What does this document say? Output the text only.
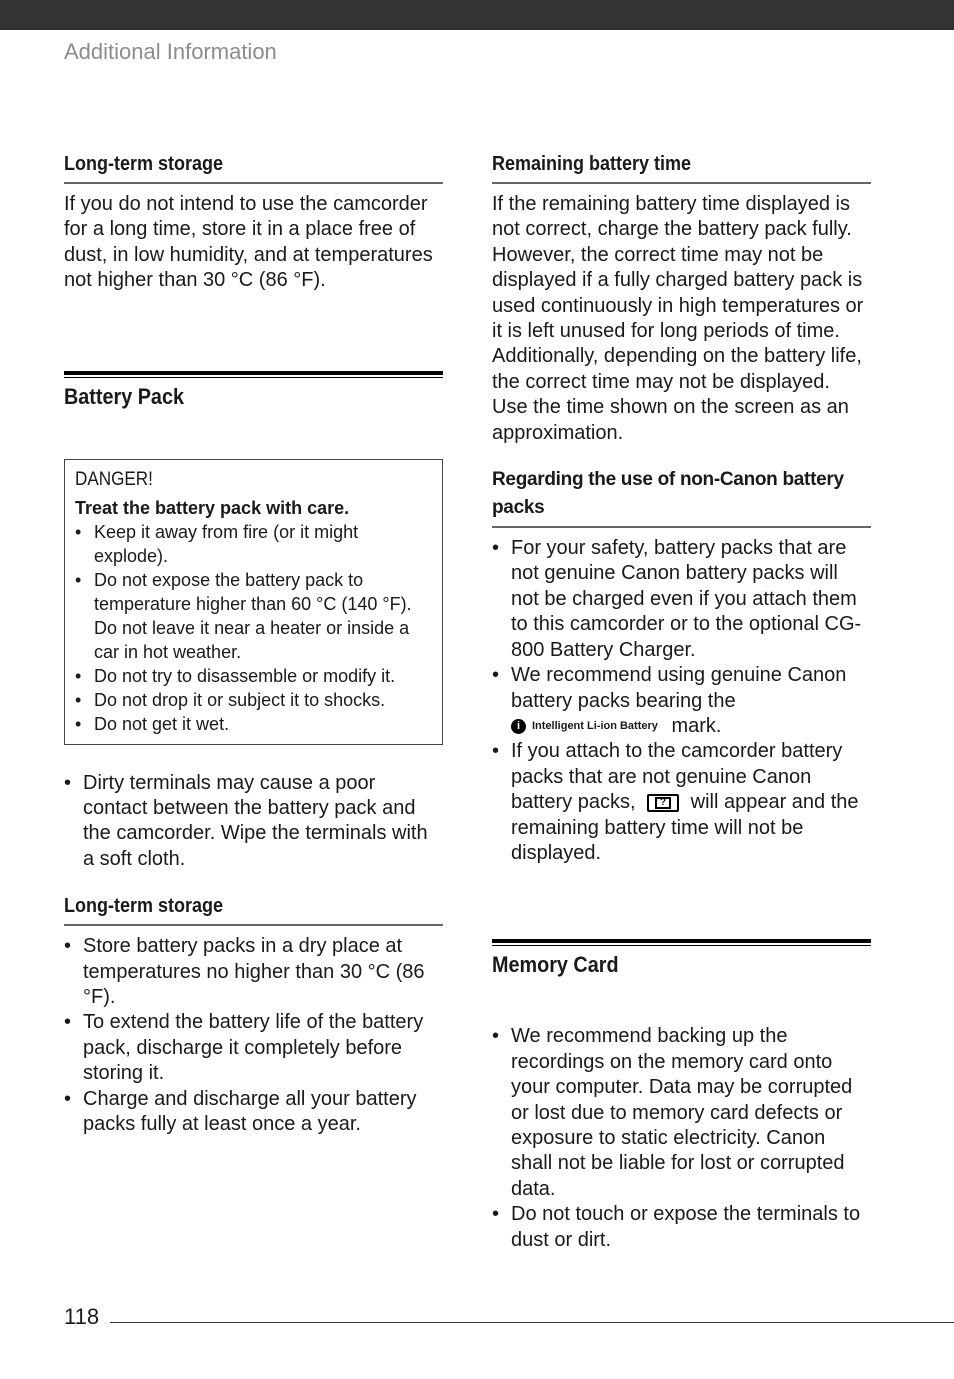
Additional Information
Long-term storage

If you do not intend to use the camcorder for a long time, store it in a place free of dust, in low humidity, and at temperatures not higher than 30 °C (86 °F).

Battery Pack
DANGER!
Treat the battery pack with care.
• Keep it away from fire (or it might explode).
• Do not expose the battery pack to temperature higher than 60 °C (140 °F). Do not leave it near a heater or inside a car in hot weather.
• Do not try to disassemble or modify it.
• Do not drop it or subject it to shocks.
• Do not get it wet.
• Dirty terminals may cause a poor contact between the battery pack and the camcorder. Wipe the terminals with a soft cloth.
Long-term storage
• Store battery packs in a dry place at temperatures no higher than 30 °C (86 °F).
• To extend the battery life of the battery pack, discharge it completely before storing it.
• Charge and discharge all your battery packs fully at least once a year.
Remaining battery time

If the remaining battery time displayed is not correct, charge the battery pack fully. However, the correct time may not be displayed if a fully charged battery pack is used continuously in high temperatures or it is left unused for long periods of time. Additionally, depending on the battery life, the correct time may not be displayed. Use the time shown on the screen as an approximation.

Regarding the use of non-Canon battery packs
• For your safety, battery packs that are not genuine Canon battery packs will not be charged even if you attach them to this camcorder or to the optional CG-800 Battery Charger.
• We recommend using genuine Canon battery packs bearing the

i	Intelligent Li-ion Battery mark.
• If you attach to the camcorder battery packs that are not genuine Canon battery packs,	? will appear and the remaining battery time will not be displayed.
Memory Card
• We recommend backing up the recordings on the memory card onto your computer. Data may be corrupted or lost due to memory card defects or exposure to static electricity. Canon shall not be liable for lost or corrupted data.
• Do not touch or expose the terminals to dust or dirt.
118
